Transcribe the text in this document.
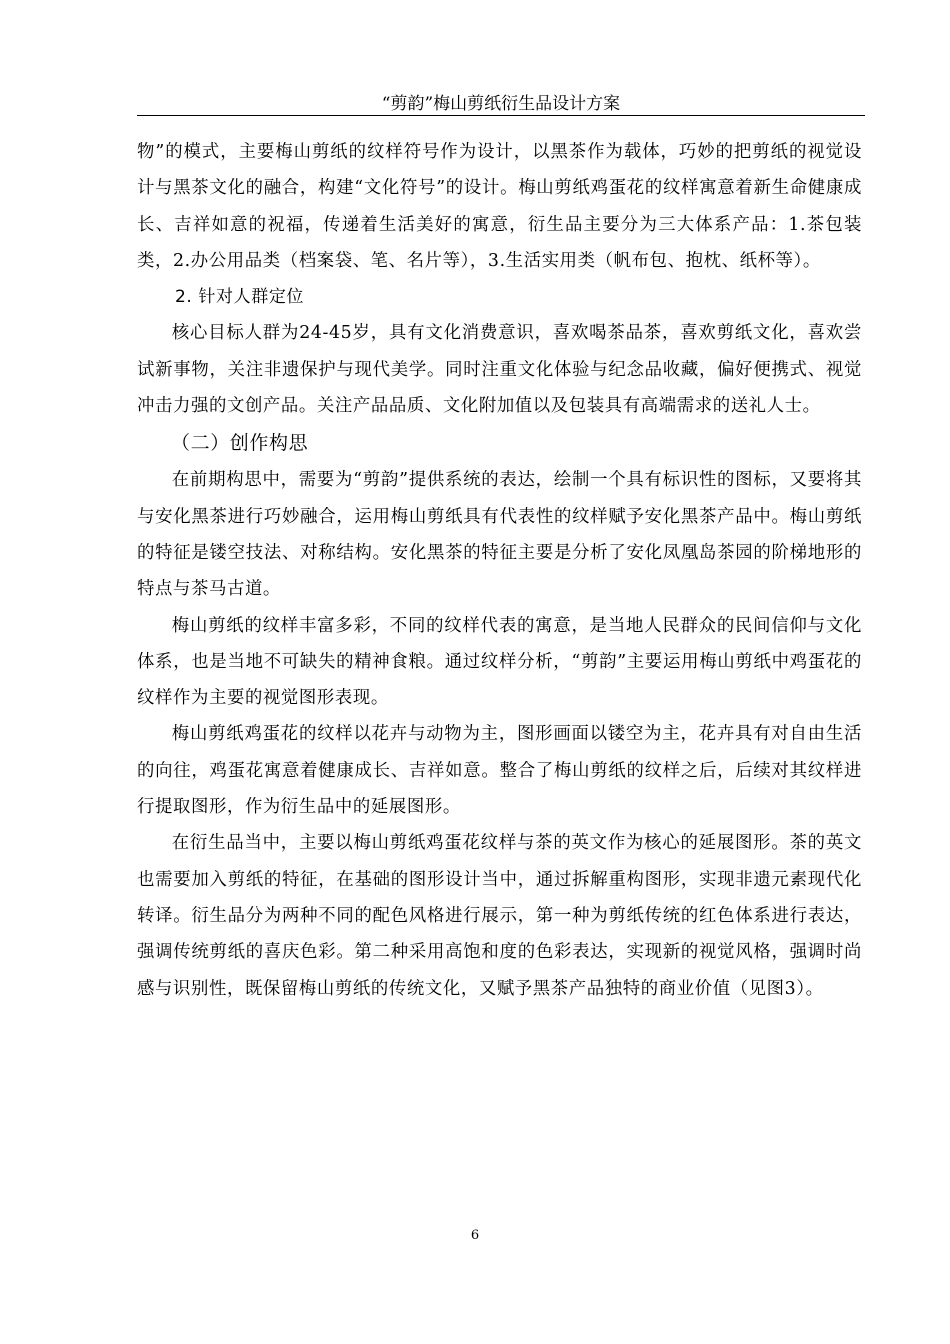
“剪韵”梅山剪纸衍生品设计方案

物”的模式，主要梅山剪纸的纹样符号作为设计，以黑茶作为载体，巧妙的把剪纸的视觉设计与黑茶文化的融合，构建“文化符号”的设计。梅山剪纸鸡蛋花的纹样寓意着新生命健康成长、吉祥如意的祝福，传递着生活美好的寓意，衍生品主要分为三大体系产品：1.茶包装类，2.办公用品类（档案袋、笔、名片等），3.生活实用类（帆布包、抱枕、纸杯等）。

2. 针对人群定位

核心目标人群为24-45岁，具有文化消费意识，喜欢喝茶品茶，喜欢剪纸文化，喜欢尝试新事物，关注非遗保护与现代美学。同时注重文化体验与纪念品收藏，偏好便携式、视觉冲击力强的文创产品。关注产品品质、文化附加值以及包装具有高端需求的送礼人士。

（二）创作构思

在前期构思中，需要为“剪韵”提供系统的表达，绘制一个具有标识性的图标，又要将其与安化黑茶进行巧妙融合，运用梅山剪纸具有代表性的纹样赋予安化黑茶产品中。梅山剪纸的特征是镂空技法、对称结构。安化黑茶的特征主要是分析了安化凤凰岛茶园的阶梯地形的特点与茶马古道。

梅山剪纸的纹样丰富多彩，不同的纹样代表的寓意，是当地人民群众的民间信仰与文化体系，也是当地不可缺失的精神食粮。通过纹样分析，“剪韵”主要运用梅山剪纸中鸡蛋花的纹样作为主要的视觉图形表现。

梅山剪纸鸡蛋花的纹样以花卉与动物为主，图形画面以镂空为主，花卉具有对自由生活的向往，鸡蛋花寓意着健康成长、吉祥如意。整合了梅山剪纸的纹样之后，后续对其纹样进行提取图形，作为衍生品中的延展图形。

在衍生品当中，主要以梅山剪纸鸡蛋花纹样与茶的英文作为核心的延展图形。茶的英文也需要加入剪纸的特征，在基础的图形设计当中，通过拆解重构图形，实现非遗元素现代化转译。衍生品分为两种不同的配色风格进行展示，第一种为剪纸传统的红色体系进行表达，强调传统剪纸的喜庆色彩。第二种采用高饱和度的色彩表达，实现新的视觉风格，强调时尚感与识别性，既保留梅山剪纸的传统文化，又赋予黑茶产品独特的商业价值（见图3）。

6
